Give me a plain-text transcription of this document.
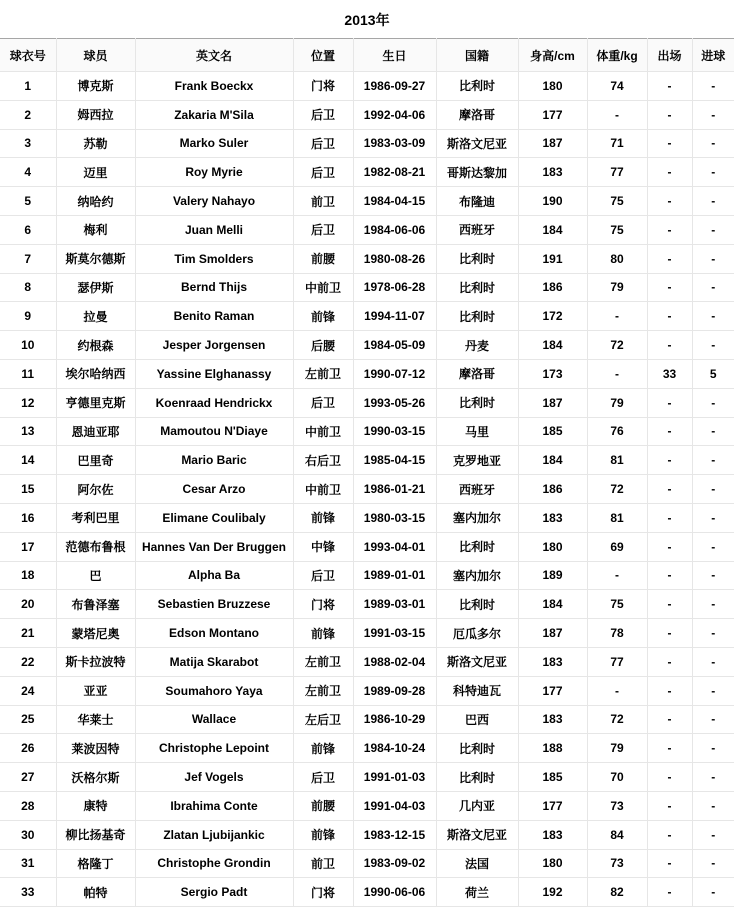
2013年
球衣号	球员	英文名	位置	生日	国籍	身高/cm	体重/kg	出场	进球
1	博克斯	Frank Boeckx	门将	1986-09-27	比利时	180	74	-	-
2	姆西拉	Zakaria M'Sila	后卫	1992-04-06	摩洛哥	177	-	-	-
3	苏勒	Marko Suler	后卫	1983-03-09	斯洛文尼亚	187	71	-	-
4	迈里	Roy Myrie	后卫	1982-08-21	哥斯达黎加	183	77	-	-
5	纳哈约	Valery Nahayo	前卫	1984-04-15	布隆迪	190	75	-	-
6	梅利	Juan Melli	后卫	1984-06-06	西班牙	184	75	-	-
7	斯莫尔德斯	Tim Smolders	前腰	1980-08-26	比利时	191	80	-	-
8	瑟伊斯	Bernd Thijs	中前卫	1978-06-28	比利时	186	79	-	-
9	拉曼	Benito Raman	前锋	1994-11-07	比利时	172	-	-	-
10	约根森	Jesper Jorgensen	后腰	1984-05-09	丹麦	184	72	-	-
11	埃尔哈纳西	Yassine Elghanassy	左前卫	1990-07-12	摩洛哥	173	-	33	5
12	亨德里克斯	Koenraad Hendrickx	后卫	1993-05-26	比利时	187	79	-	-
13	恩迪亚耶	Mamoutou N'Diaye	中前卫	1990-03-15	马里	185	76	-	-
14	巴里奇	Mario Baric	右后卫	1985-04-15	克罗地亚	184	81	-	-
15	阿尔佐	Cesar Arzo	中前卫	1986-01-21	西班牙	186	72	-	-
16	考利巴里	Elimane Coulibaly	前锋	1980-03-15	塞内加尔	183	81	-	-
17	范德布鲁根	Hannes Van Der Bruggen	中锋	1993-04-01	比利时	180	69	-	-
18	巴	Alpha Ba	后卫	1989-01-01	塞内加尔	189	-	-	-
20	布鲁泽塞	Sebastien Bruzzese	门将	1989-03-01	比利时	184	75	-	-
21	蒙塔尼奥	Edson Montano	前锋	1991-03-15	厄瓜多尔	187	78	-	-
22	斯卡拉波特	Matija Skarabot	左前卫	1988-02-04	斯洛文尼亚	183	77	-	-
24	亚亚	Soumahoro Yaya	左前卫	1989-09-28	科特迪瓦	177	-	-	-
25	华莱士	Wallace	左后卫	1986-10-29	巴西	183	72	-	-
26	莱波因特	Christophe Lepoint	前锋	1984-10-24	比利时	188	79	-	-
27	沃格尔斯	Jef Vogels	后卫	1991-01-03	比利时	185	70	-	-
28	康特	Ibrahima Conte	前腰	1991-04-03	几内亚	177	73	-	-
30	柳比扬基奇	Zlatan Ljubijankic	前锋	1983-12-15	斯洛文尼亚	183	84	-	-
31	格隆丁	Christophe Grondin	前卫	1983-09-02	法国	180	73	-	-
33	帕特	Sergio Padt	门将	1990-06-06	荷兰	192	82	-	-
